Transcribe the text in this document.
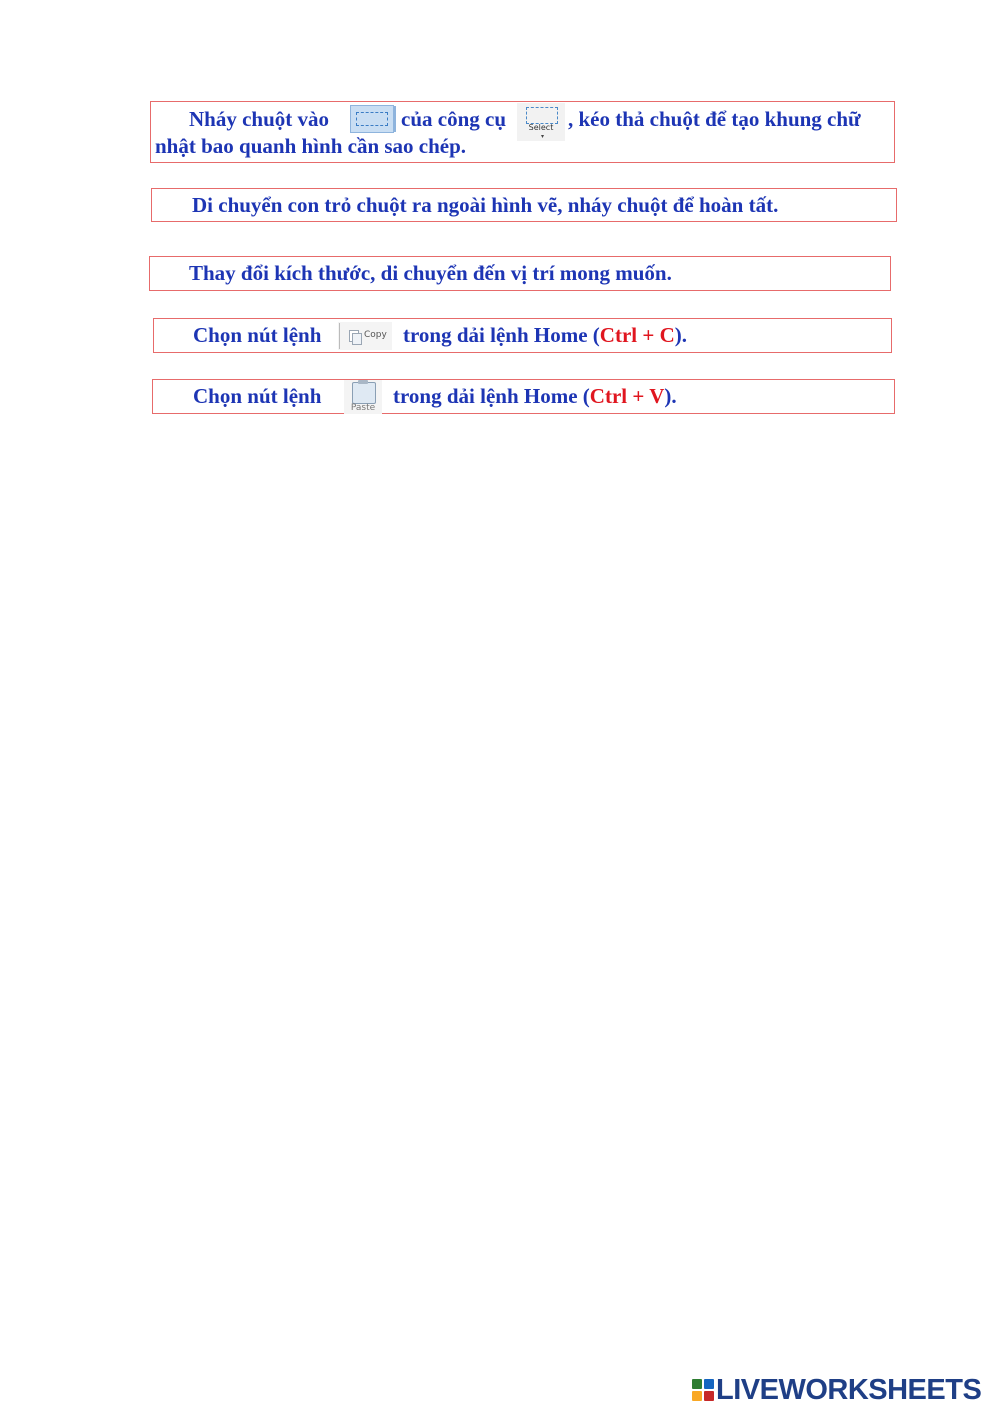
Nháy chuột vào	của công cụ	Select
▾
, kéo thả chuột để tạo khung chữ
nhật bao quanh hình cần sao chép.
Di chuyển con trỏ chuột ra ngoài hình vẽ, nháy chuột để hoàn tất.
Thay đổi kích thước, di chuyển đến vị trí mong muốn.
Chọn nút lệnh	Copy trong dải lệnh Home (Ctrl + C).
Chọn nút lệnh	Paste trong dải lệnh Home (Ctrl + V).
LIVEWORKSHEETS
